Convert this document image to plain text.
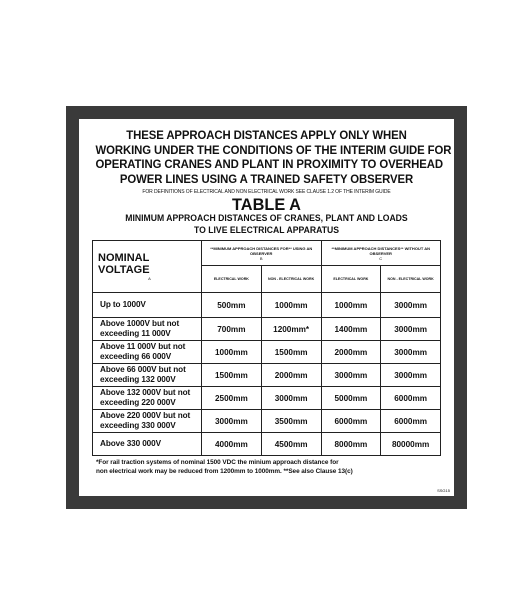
THESE APPROACH DISTANCES APPLY ONLY WHEN
WORKING UNDER THE CONDITIONS OF THE INTERIM GUIDE FOR
OPERATING CRANES AND PLANT IN PROXIMITY TO OVERHEAD
POWER LINES USING A TRAINED SAFETY OBSERVER
FOR DEFINITIONS OF ELECTRICAL AND NON ELECTRICAL WORK SEE CLAUSE 1.2 OF THE INTERIM GUIDE
TABLE A
MINIMUM APPROACH DISTANCES OF CRANES, PLANT AND LOADS
TO LIVE ELECTRICAL APPARATUS
NOMINAL VOLTAGE
A	**MINIMUM APPROACH DISTANCES FOR** USING AN OBSERVER
B		**MINIMUM APPROACH DISTANCES** WITHOUT AN OBSERVER
C	

	ELECTRICAL WORK	NON - ELECTRICAL WORK	ELECTRICAL WORK	NON - ELECTRICAL WORK
Up to 1000V	500mm	1000mm	1000mm	3000mm
Above 1000V but not exceeding 11 000V	700mm	1200mm*	1400mm	3000mm
Above 11 000V but not exceeding 66 000V	1000mm	1500mm	2000mm	3000mm
Above 66 000V but not exceeding 132 000V	1500mm	2000mm	3000mm	3000mm
Above 132 000V but not exceeding 220 000V	2500mm	3000mm	5000mm	6000mm
Above 220 000V but not exceeding 330 000V	3000mm	3500mm	6000mm	6000mm
Above 330 000V	4000mm	4500mm	8000mm	80000mm
*For rail traction systems of nominal 1500 VDC the minium approach distance for
non electrical work may be reduced from 1200mm to 1000mm. **See also Clause 13(c)
SSG15
